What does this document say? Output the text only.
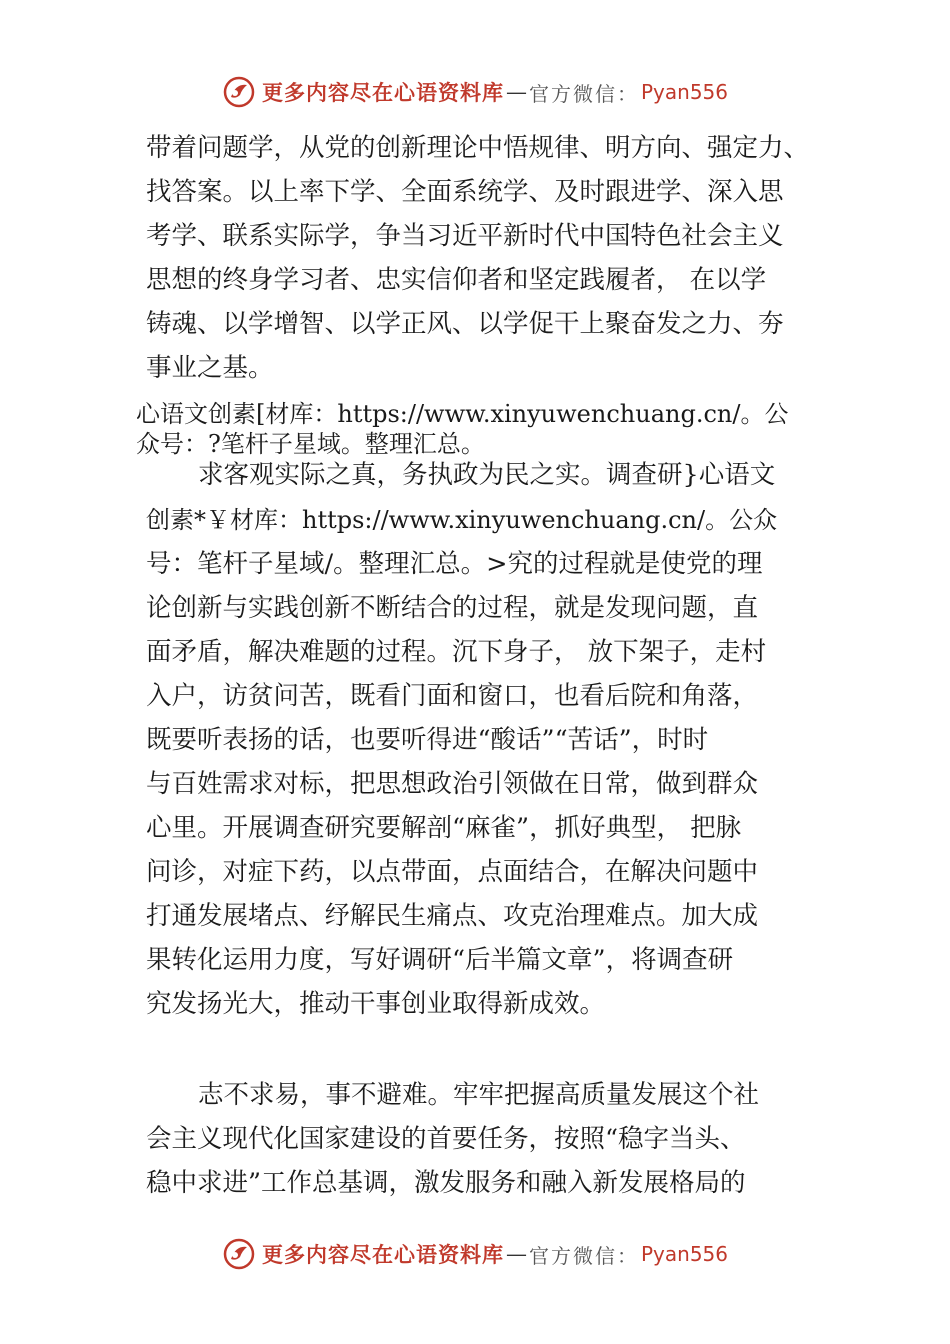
更多内容尽在心语资料库 — 官方微信： Pyan556
带着问题学，从党的创新理论中悟规律、明方向、强定力、
找答案。以上率下学、全面系统学、及时跟进学、深入思
考学、联系实际学，争当习近平新时代中国特色社会主义
思想的终身学习者、忠实信仰者和坚定践履者， 在以学
铸魂、以学增智、以学正风、以学促干上聚奋发之力、夯
事业之基。
心语文创素[材库：https://www.xinyuwenchuang.cn/。公
众号：?笔杆子星域。整理汇总。
求客观实际之真，务执政为民之实。调查研}心语文
创素*￥材库：https://www.xinyuwenchuang.cn/。公众
号：笔杆子星域/。整理汇总。>究的过程就是使党的理
论创新与实践创新不断结合的过程，就是发现问题，直
面矛盾，解决难题的过程。沉下身子， 放下架子，走村
入户，访贫问苦，既看门面和窗口，也看后院和角落，
既要听表扬的话，也要听得进“酸话”“苦话”，时时
与百姓需求对标，把思想政治引领做在日常，做到群众
心里。开展调查研究要解剖“麻雀”，抓好典型， 把脉
问诊，对症下药，以点带面，点面结合，在解决问题中
打通发展堵点、纾解民生痛点、攻克治理难点。加大成
果转化运用力度，写好调研“后半篇文章”，将调查研
究发扬光大，推动干事创业取得新成效。
志不求易，事不避难。牢牢把握高质量发展这个社
会主义现代化国家建设的首要任务，按照“稳字当头、
稳中求进”工作总基调，激发服务和融入新发展格局的
更多内容尽在心语资料库 — 官方微信： Pyan556
